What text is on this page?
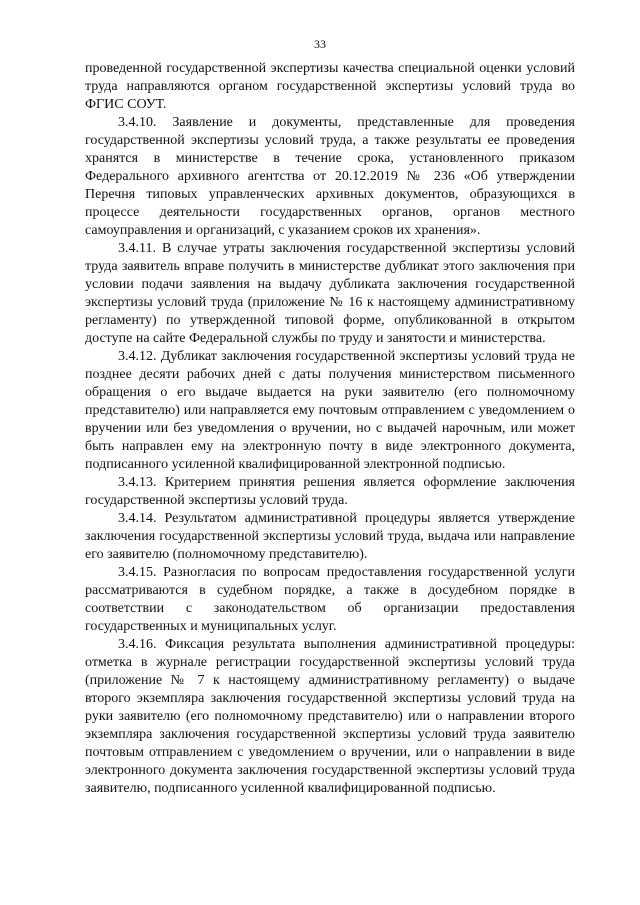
33

проведенной государственной экспертизы качества специальной оценки условий труда направляются органом государственной экспертизы условий труда во ФГИС СОУТ.

3.4.10. Заявление и документы, представленные для проведения государственной экспертизы условий труда, а также результаты ее проведения хранятся в министерстве в течение срока, установленного приказом Федерального архивного агентства от 20.12.2019 № 236 «Об утверждении Перечня типовых управленческих архивных документов, образующихся в процессе деятельности государственных органов, органов местного самоуправления и организаций, с указанием сроков их хранения».

3.4.11. В случае утраты заключения государственной экспертизы условий труда заявитель вправе получить в министерстве дубликат этого заключения при условии подачи заявления на выдачу дубликата заключения государственной экспертизы условий труда (приложение № 16 к настоящему административному регламенту) по утвержденной типовой форме, опубликованной в открытом доступе на сайте Федеральной службы по труду и занятости и министерства.

3.4.12. Дубликат заключения государственной экспертизы условий труда не позднее десяти рабочих дней с даты получения министерством письменного обращения о его выдаче выдается на руки заявителю (его полномочному представителю) или направляется ему почтовым отправлением с уведомлением о вручении или без уведомления о вручении, но с выдачей нарочным, или может быть направлен ему на электронную почту в виде электронного документа, подписанного усиленной квалифицированной электронной подписью.

3.4.13. Критерием принятия решения является оформление заключения государственной экспертизы условий труда.

3.4.14. Результатом административной процедуры является утверждение заключения государственной экспертизы условий труда, выдача или направление его заявителю (полномочному представителю).

3.4.15. Разногласия по вопросам предоставления государственной услуги рассматриваются в судебном порядке, а также в досудебном порядке в соответствии с законодательством об организации предоставления государственных и муниципальных услуг.

3.4.16. Фиксация результата выполнения административной процедуры: отметка в журнале регистрации государственной экспертизы условий труда (приложение № 7 к настоящему административному регламенту) о выдаче второго экземпляра заключения государственной экспертизы условий труда на руки заявителю (его полномочному представителю) или о направлении второго экземпляра заключения государственной экспертизы условий труда заявителю почтовым отправлением с уведомлением о вручении, или о направлении в виде электронного документа заключения государственной экспертизы условий труда заявителю, подписанного усиленной квалифицированной подписью.
